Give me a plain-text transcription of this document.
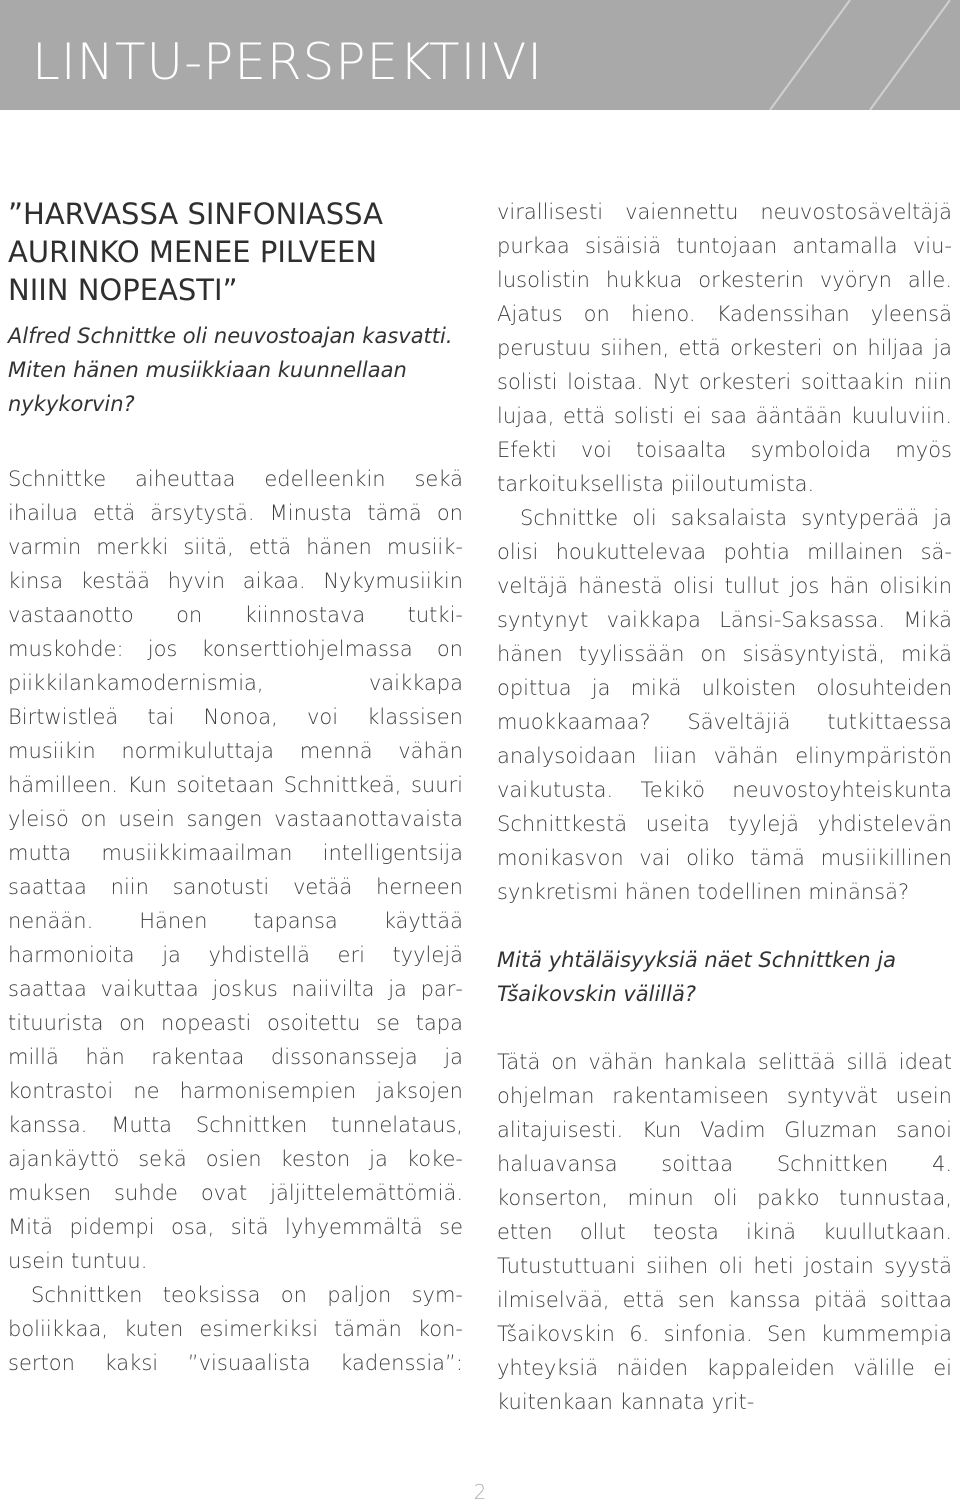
LINTU-PERSPEKTIIVI
”HARVASSA SINFONIASSA
AURINKO MENEE PILVEEN
NIIN NOPEASTI”

Alfred Schnittke oli neuvostoajan kasvatti. Miten hänen musiikkiaan kuunnellaan nykykorvin?

Schnittke aiheuttaa edelleenkin sekä ihailua että ärsytystä. Minusta tämä on varmin merkki siitä, että hänen musiikkinsa kestää hyvin aikaa. Nykymusiikin vastaanotto on kiinnostava tutkimuskohde: jos konserttiohjelmassa on piikkilankamodernismia, vaikkapa Birtwistleä tai Nonoa, voi klassisen musiikin normikuluttaja mennä vähän hämilleen. Kun soitetaan Schnittkeä, suuri yleisö on usein sangen vastaanottavaista mutta musiikkimaailman intelligentsija saattaa niin sanotusti vetää herneen nenään. Hänen tapansa käyttää harmonioita ja yhdistellä eri tyylejä saattaa vaikuttaa joskus naiivilta ja partituurista on nopeasti osoitettu se tapa millä hän rakentaa dissonansseja ja kontrastoi ne harmonisempien jaksojen kanssa. Mutta Schnittken tunnelataus, ajankäyttö sekä osien keston ja kokemuksen suhde ovat jäljittelemättömiä. Mitä pidempi osa, sitä lyhyemmältä se usein tuntuu.

Schnittken teoksissa on paljon symboliikkaa, kuten esimerkiksi tämän konserton kaksi ”visuaalista kadenssia”:

virallisesti vaiennettu neuvostosäveltäjä purkaa sisäisiä tuntojaan antamalla viulusolistin hukkua orkesterin vyöryn alle. Ajatus on hieno. Kadenssihan yleensä perustuu siihen, että orkesteri on hiljaa ja solisti loistaa. Nyt orkesteri soittaakin niin lujaa, että solisti ei saa ääntään kuuluviin. Efekti voi toisaalta symboloida myös tarkoituksellista piiloutumista.

Schnittke oli saksalaista syntyperää ja olisi houkuttelevaa pohtia millainen säveltäjä hänestä olisi tullut jos hän olisikin syntynyt vaikkapa Länsi-Saksassa. Mikä hänen tyylissään on sisäsyntyistä, mikä opittua ja mikä ulkoisten olosuhteiden muokkaamaa? Säveltäjiä tutkittaessa analysoidaan liian vähän elinympäristön vaikutusta. Tekikö neuvostoyhteiskunta Schnittkestä useita tyylejä yhdistelevän monikasvon vai oliko tämä musiikillinen synkretismi hänen todellinen minänsä?

Mitä yhtäläisyyksiä näet Schnittken ja Tšaikovskin välillä?

Tätä on vähän hankala selittää sillä ideat ohjelman rakentamiseen syntyvät usein alitajuisesti. Kun Vadim Gluzman sanoi haluavansa soittaa Schnittken 4. konserton, minun oli pakko tunnustaa, etten ollut teosta ikinä kuullutkaan. Tutustuttuani siihen oli heti jostain syystä ilmiselvää, että sen kanssa pitää soittaa Tšaikovskin 6. sinfonia. Sen kummempia yhteyksiä näiden kappaleiden välille ei kuitenkaan kannata yrit-

2
